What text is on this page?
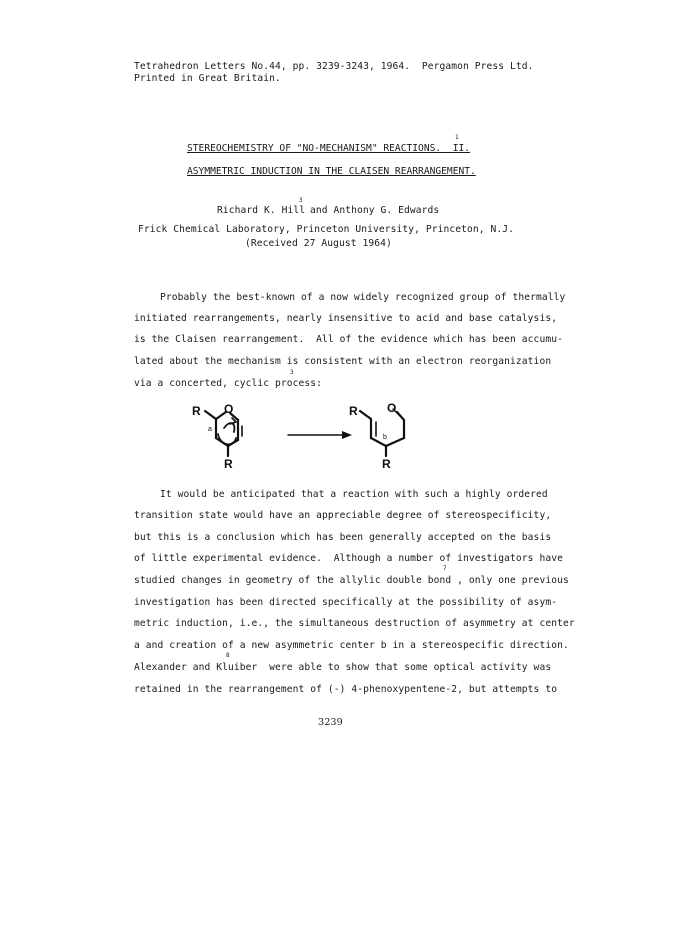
Tetrahedron Letters No.44, pp. 3239-3243, 1964.  Pergamon Press Ltd.
Printed in Great Britain.
STEREOCHEMISTRY OF "NO-MECHANISM" REACTIONS.  II.
1
ASYMMETRIC INDUCTION IN THE CLAISEN REARRANGEMENT.
Richard K. Hill
3
and Anthony G. Edwards
Frick Chemical Laboratory, Princeton University, Princeton, N.J.
(Received 27 August 1964)
Probably the best-known of a now widely recognized group of thermally
initiated rearrangements, nearly insensitive to acid and base catalysis,
is the Claisen rearrangement.  All of the evidence which has been accumu-
lated about the mechanism is consistent with an electron reorganization
3
via a concerted, cyclic process:
R O
a
R
R O
b
R
It would be anticipated that a reaction with such a highly ordered
transition state would have an appreciable degree of stereospecificity,
but this is a conclusion which has been generally accepted on the basis
of little experimental evidence.  Although a number of investigators have
7
studied changes in geometry of the allylic double bond , only one previous
investigation has been directed specifically at the possibility of asym-
metric induction, i.e., the simultaneous destruction of asymmetry at center
a and creation of a new asymmetric center b in a stereospecific direction.
8
Alexander and Kluiber  were able to show that some optical activity was
retained in the rearrangement of (-) 4-phenoxypentene-2, but attempts to
3239
